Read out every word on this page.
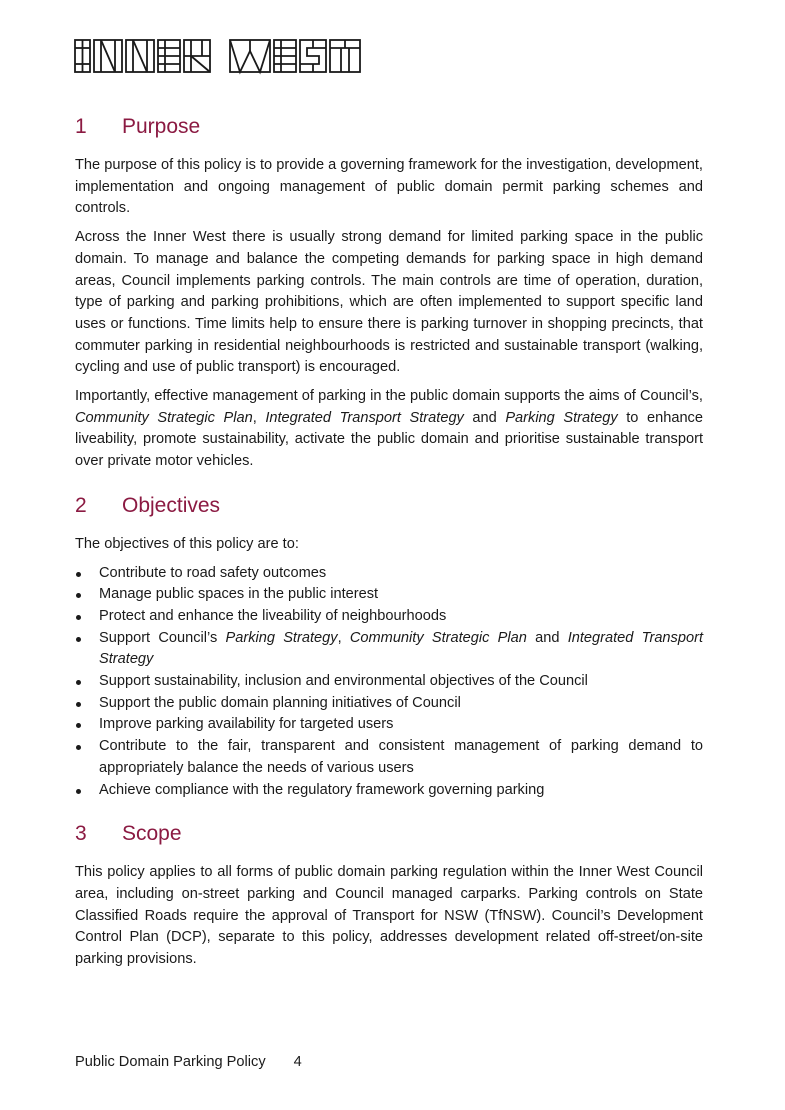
1	Purpose

The purpose of this policy is to provide a governing framework for the investigation, development, implementation and ongoing management of public domain permit parking schemes and controls.

Across the Inner West there is usually strong demand for limited parking space in the public domain. To manage and balance the competing demands for parking space in high demand areas, Council implements parking controls. The main controls are time of operation, duration, type of parking and parking prohibitions, which are often implemented to support specific land uses or functions. Time limits help to ensure there is parking turnover in shopping precincts, that commuter parking in residential neighbourhoods is restricted and sustainable transport (walking, cycling and use of public transport) is encouraged.

Importantly, effective management of parking in the public domain supports the aims of Council’s, Community Strategic Plan, Integrated Transport Strategy and Parking Strategy to enhance liveability, promote sustainability, activate the public domain and prioritise sustainable transport over private motor vehicles.

2	Objectives

The objectives of this policy are to:

Contribute to road safety outcomes
Manage public spaces in the public interest
Protect and enhance the liveability of neighbourhoods
Support Council’s Parking Strategy, Community Strategic Plan and Integrated Transport Strategy
Support sustainability, inclusion and environmental objectives of the Council
Support the public domain planning initiatives of Council
Improve parking availability for targeted users
Contribute to the fair, transparent and consistent management of parking demand to appropriately balance the needs of various users
Achieve compliance with the regulatory framework governing parking
3	Scope

This policy applies to all forms of public domain parking regulation within the Inner West Council area, including on-street parking and Council managed carparks. Parking controls on State Classified Roads require the approval of Transport for NSW (TfNSW). Council’s Development Control Plan (DCP), separate to this policy, addresses development related off-street/on-site parking provisions.

Public Domain Parking Policy 4
